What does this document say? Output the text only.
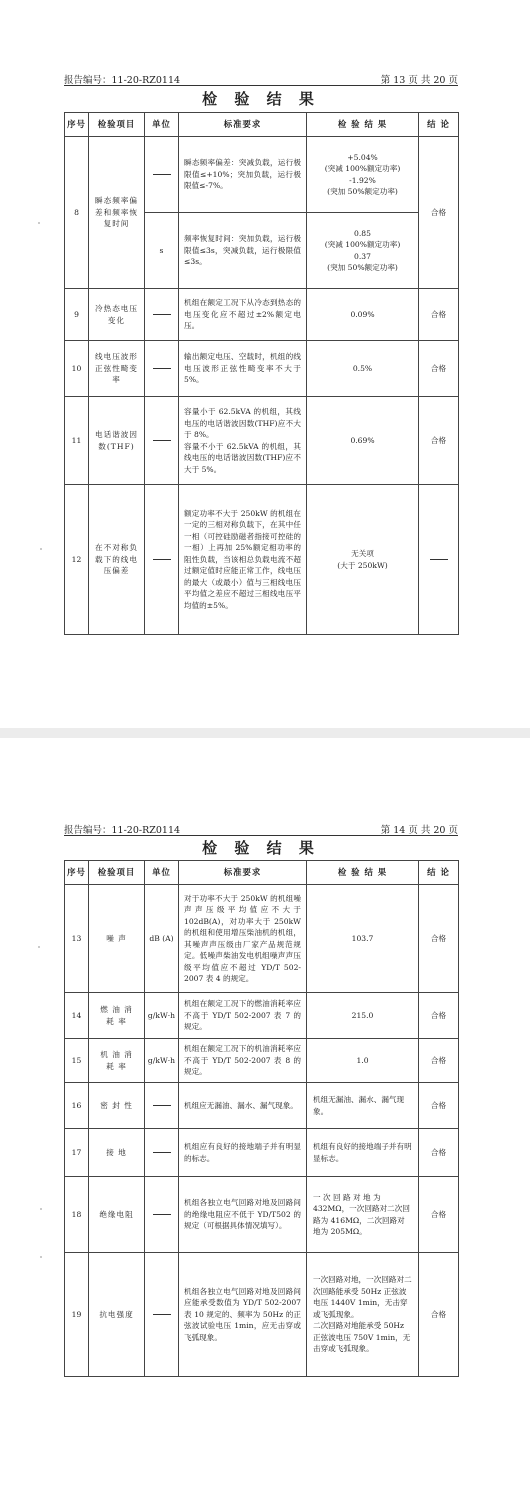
报告编号：11-20-RZ0114	第 13 页 共 20 页
检 验 结 果
序号	检验项目	单位	标准要求	检 验 结 果	结 论
8	瞬态频率偏差和频率恢复时间		瞬态频率偏差：突减负载，运行极限值≤+10%；突加负载，运行极限值≤-7%。	+5.04%
(突减 100%额定功率)
-1.92%
(突加 50%额定功率)	合格
		s	频率恢复时间：突加负载，运行极限值≤3s，突减负载，运行极限值≤3s。	0.85
(突减 100%额定功率)
0.37
(突加 50%额定功率)	
9	冷热态电压变化		机组在额定工况下从冷态到热态的电压变化应不超过±2%额定电压。	0.09%	合格
10	线电压波形正弦性畸变率		输出额定电压、空载时，机组的线电压波形正弦性畸变率不大于 5%。	0.5%	合格
11	电话谐波因数(THF)		容量小于 62.5kVA 的机组，其线电压的电话谐波因数(THF)应不大于 8%。
容量不小于 62.5kVA 的机组，其线电压的电话谐波因数(THF)应不大于 5%。	0.69%	合格
12	在不对称负载下的线电压偏差		额定功率不大于 250kW 的机组在一定的三相对称负载下，在其中任一相（可控硅励磁者指接可控硅的一相）上再加 25%额定相功率的阻性负载，当该相总负载电流不超过额定值时应能正常工作，线电压的最大（或最小）值与三相线电压平均值之差应不超过三相线电压平均值的±5%。	无关项
(大于 250kW)	
报告编号：11-20-RZ0114	第 14 页 共 20 页
检 验 结 果
序号	检验项目	单位	标准要求	检 验 结 果	结 论
13	噪 声	dB (A)	对于功率不大于 250kW 的机组噪声声压级平均值应不大于 102dB(A)，对功率大于 250kW 的机组和使用增压柴油机的机组，其噪声声压级由厂家产品规范规定。低噪声柴油发电机组噪声声压级平均值应不超过 YD/T 502-2007 表 4 的规定。	103.7	合格
14	燃 油 消 耗 率	g/kW·h	机组在额定工况下的燃油消耗率应不高于 YD/T 502-2007 表 7 的规定。	215.0	合格
15	机 油 消 耗 率	g/kW·h	机组在额定工况下的机油消耗率应不高于 YD/T 502-2007 表 8 的规定。	1.0	合格
16	密 封 性		机组应无漏油、漏水、漏气现象。	机组无漏油、漏水、漏气现象。	合格
17	接 地		机组应有良好的接地端子并有明显的标志。	机组有良好的接地端子并有明显标志。	合格
18	绝缘电阻		机组各独立电气回路对地及回路间的绝缘电阻应不低于 YD/T502 的规定（可根据具体情况填写）。	一 次 回 路 对 地 为 432MΩ，一次回路对二次回路为 416MΩ，二次回路对地为 205MΩ。	合格
19	抗电强度		机组各独立电气回路对地及回路间应能承受数值为 YD/T 502-2007 表 10 规定的、频率为 50Hz 的正弦波试验电压 1min，应无击穿或飞弧现象。	一次回路对地，一次回路对二次回路能承受 50Hz 正弦波电压 1440V 1min，无击穿或飞弧现象。
二次回路对地能承受 50Hz 正弦波电压 750V 1min，无击穿或飞弧现象。	合格
